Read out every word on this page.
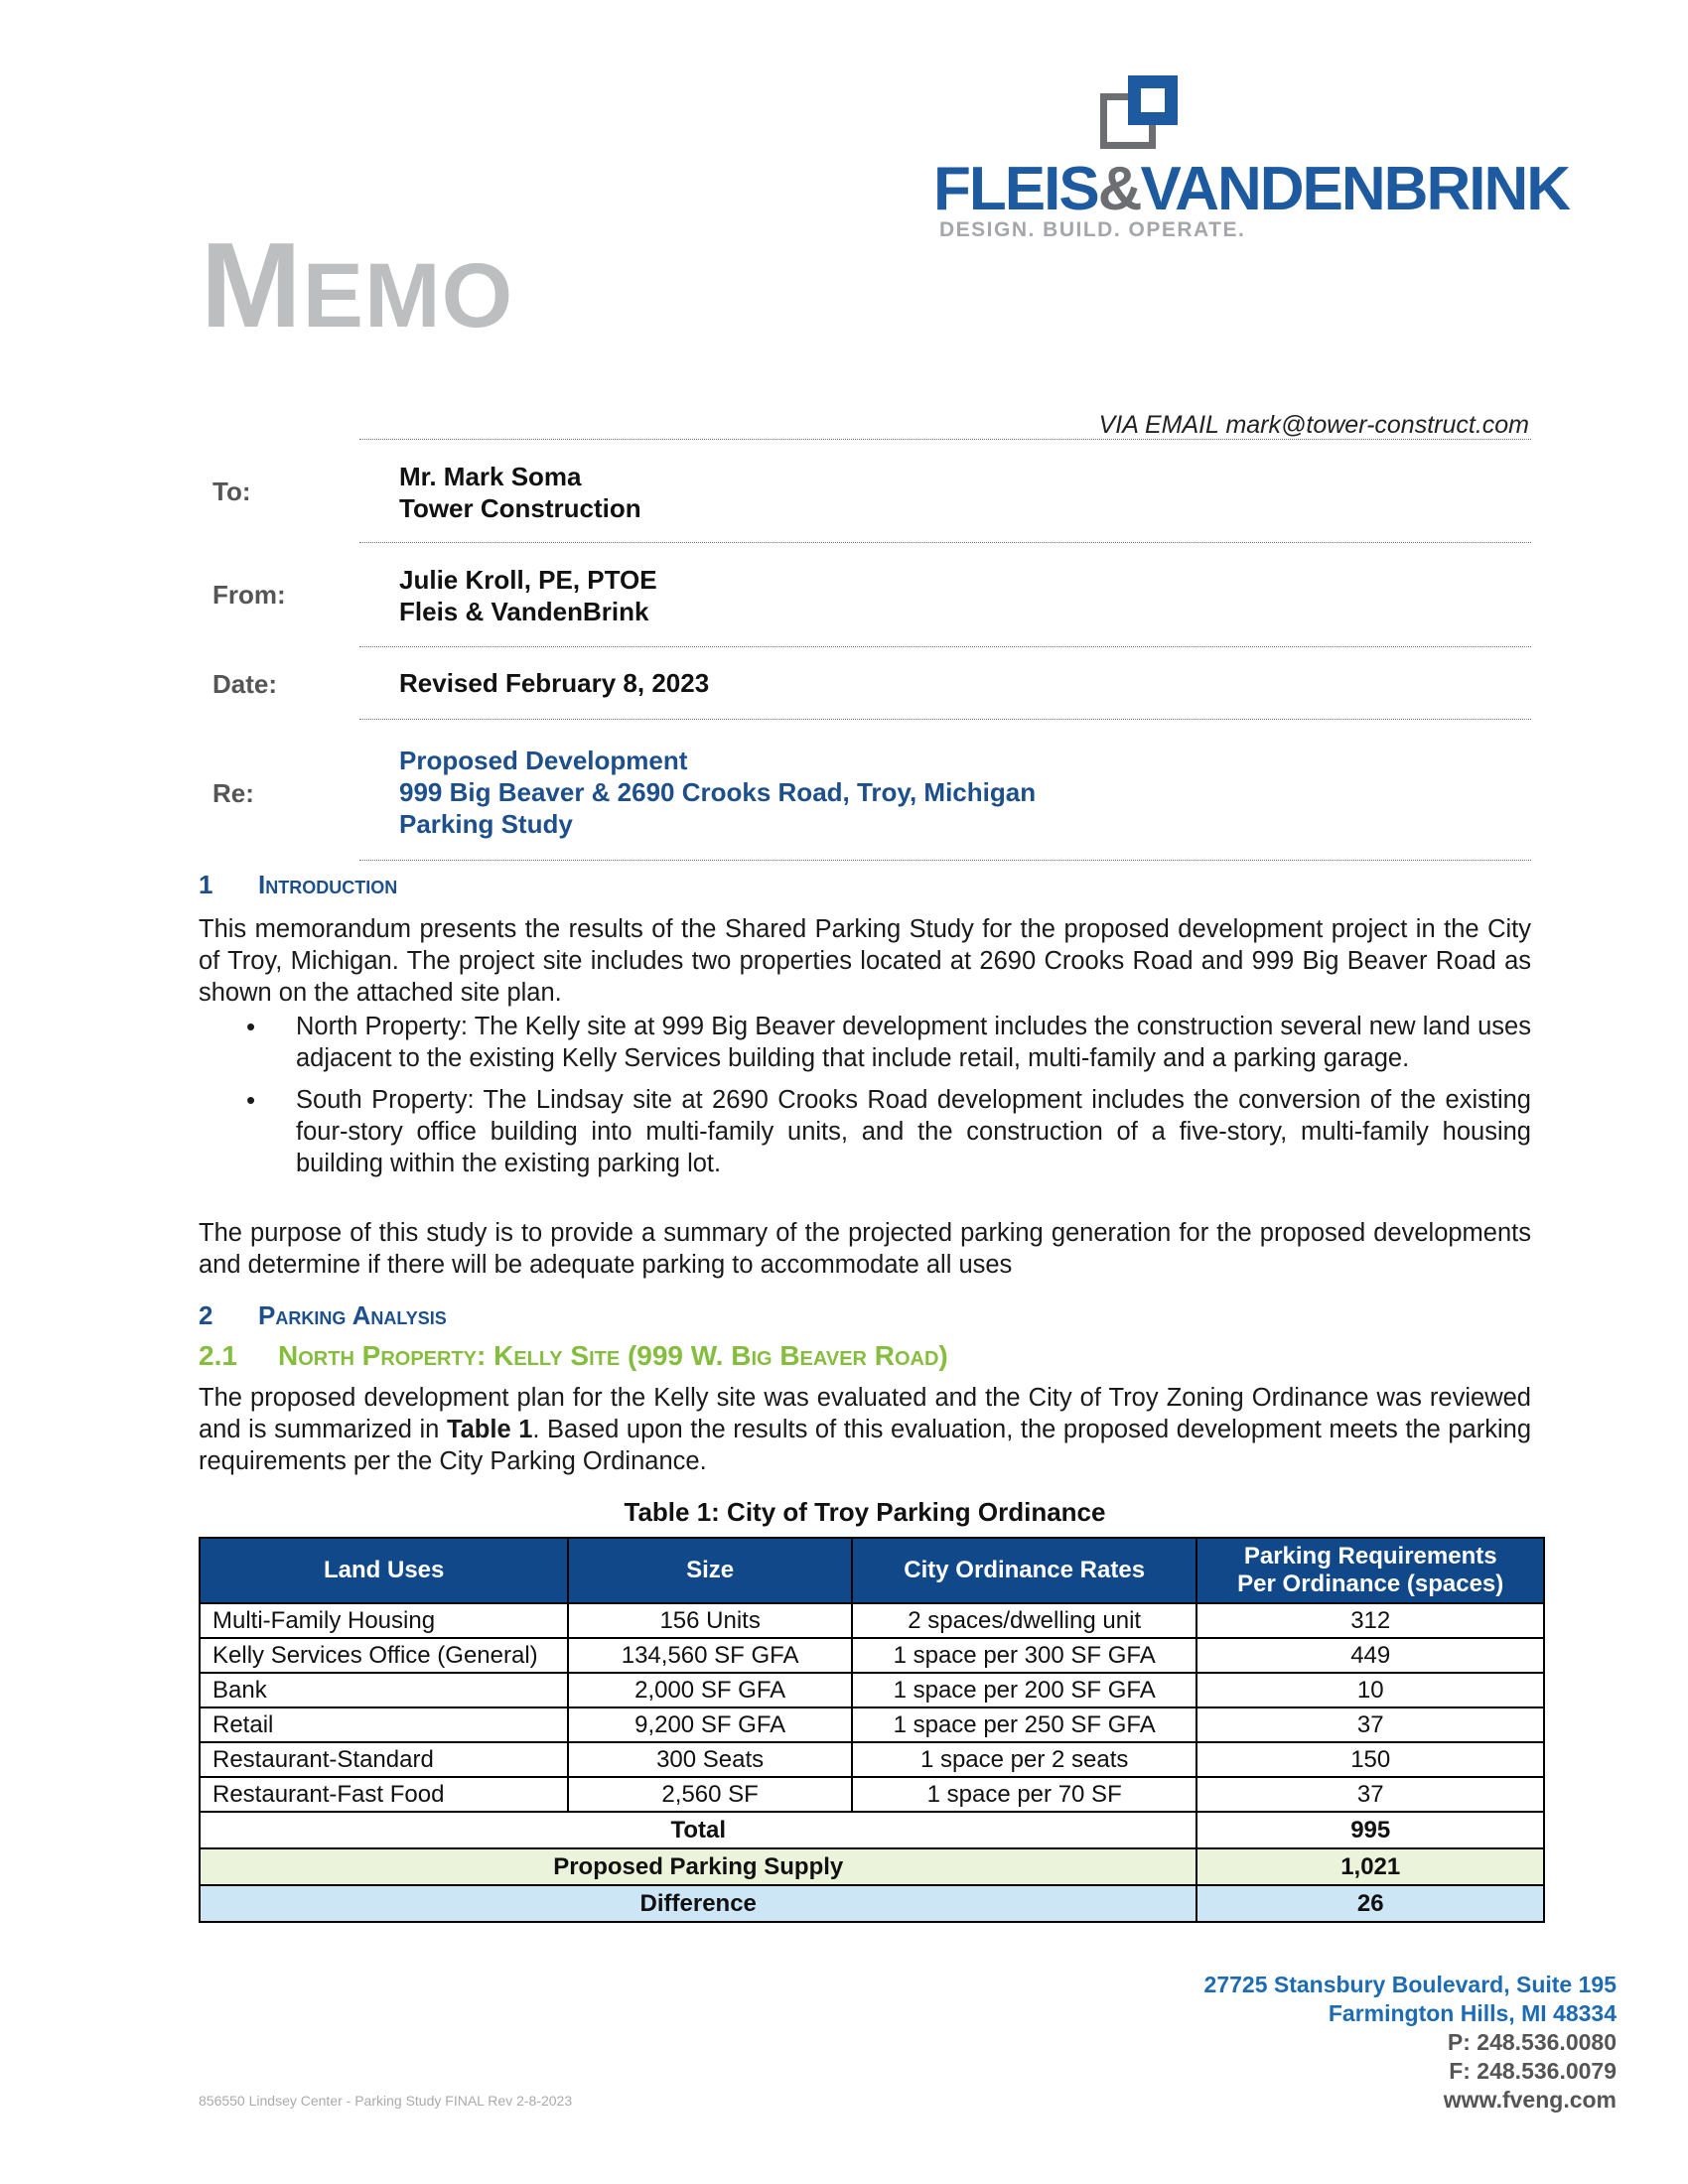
FLEIS&VANDENBRINK
DESIGN. BUILD. OPERATE.
MEMO
VIA EMAIL mark@tower-construct.com
To:	Mr. Mark Soma
Tower Construction
From:	Julie Kroll, PE, PTOE
Fleis & VandenBrink
Date:	Revised February 8, 2023
Re:
Proposed Development
999 Big Beaver & 2690 Crooks Road, Troy, Michigan
Parking Study
1 Introduction
This memorandum presents the results of the Shared Parking Study for the proposed development project in the City of Troy, Michigan. The project site includes two properties located at 2690 Crooks Road and 999 Big Beaver Road as shown on the attached site plan.
• North Property: The Kelly site at 999 Big Beaver development includes the construction several new land uses adjacent to the existing Kelly Services building that include retail, multi-family and a parking garage.
• South Property: The Lindsay site at 2690 Crooks Road development includes the conversion of the existing four-story office building into multi-family units, and the construction of a five-story, multi-family housing building within the existing parking lot.
The purpose of this study is to provide a summary of the projected parking generation for the proposed developments and determine if there will be adequate parking to accommodate all uses
2 Parking Analysis
2.1 North Property: Kelly Site (999 W. Big Beaver Road)
The proposed development plan for the Kelly site was evaluated and the City of Troy Zoning Ordinance was reviewed and is summarized in Table 1. Based upon the results of this evaluation, the proposed development meets the parking requirements per the City Parking Ordinance.
Table 1: City of Troy Parking Ordinance
Land Uses	Size	City Ordinance Rates	Parking Requirements
Per Ordinance (spaces)

Multi-Family Housing	156 Units	2 spaces/dwelling unit	312
Kelly Services Office (General)	134,560 SF GFA	1 space per 300 SF GFA	449
Bank	2,000 SF GFA	1 space per 200 SF GFA	10
Retail	9,200 SF GFA	1 space per 250 SF GFA	37
Restaurant-Standard	300 Seats	1 space per 2 seats	150
Restaurant-Fast Food	2,560 SF	1 space per 70 SF	37
Total			995
Proposed Parking Supply			1,021
Difference			26
27725 Stansbury Boulevard, Suite 195
Farmington Hills, MI 48334
P: 248.536.0080
F: 248.536.0079
www.fveng.com
856550 Lindsey Center - Parking Study FINAL Rev 2-8-2023
